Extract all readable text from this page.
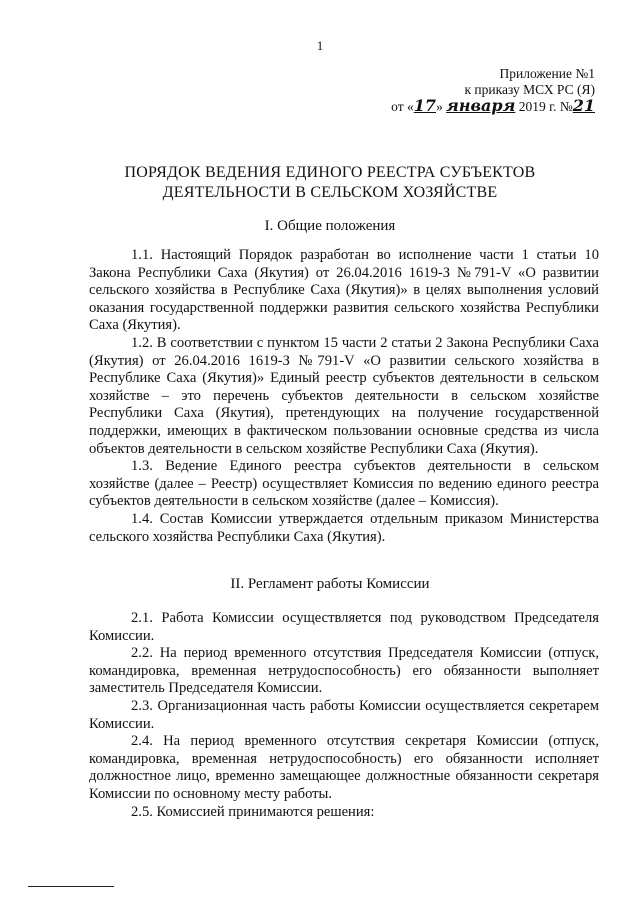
1
Приложение №1
к приказу МСХ РС (Я)
от «17» января 2019 г. №21
ПОРЯДОК ВЕДЕНИЯ ЕДИНОГО РЕЕСТРА СУБЪЕКТОВ
ДЕЯТЕЛЬНОСТИ В СЕЛЬСКОМ ХОЗЯЙСТВЕ
I. Общие положения

1.1. Настоящий Порядок разработан во исполнение части 1 статьи 10 Закона Республики Саха (Якутия) от 26.04.2016 1619-З №791-V «О развитии сельского хозяйства в Республике Саха (Якутия)» в целях выполнения условий оказания государственной поддержки развития сельского хозяйства Республики Саха (Якутия).

1.2. В соответствии с пунктом 15 части 2 статьи 2 Закона Республики Саха (Якутия) от 26.04.2016 1619-З №791-V «О развитии сельского хозяйства в Республике Саха (Якутия)» Единый реестр субъектов деятельности в сельском хозяйстве – это перечень субъектов деятельности в сельском хозяйстве Республики Саха (Якутия), претендующих на получение государственной поддержки, имеющих в фактическом пользовании основные средства из числа объектов деятельности в сельском хозяйстве Республики Саха (Якутия).

1.3. Ведение Единого реестра субъектов деятельности в сельском хозяйстве (далее – Реестр) осуществляет Комиссия по ведению единого реестра субъектов деятельности в сельском хозяйстве (далее – Комиссия).

1.4. Состав Комиссии утверждается отдельным приказом Министерства сельского хозяйства Республики Саха (Якутия).

II. Регламент работы Комиссии

2.1. Работа Комиссии осуществляется под руководством Председателя Комиссии.

2.2. На период временного отсутствия Председателя Комиссии (отпуск, командировка, временная нетрудоспособность) его обязанности выполняет заместитель Председателя Комиссии.

2.3. Организационная часть работы Комиссии осуществляется секретарем Комиссии.

2.4. На период временного отсутствия секретаря Комиссии (отпуск, командировка, временная нетрудоспособность) его обязанности исполняет должностное лицо, временно замещающее должностные обязанности секретаря Комиссии по основному месту работы.

2.5. Комиссией принимаются решения:
